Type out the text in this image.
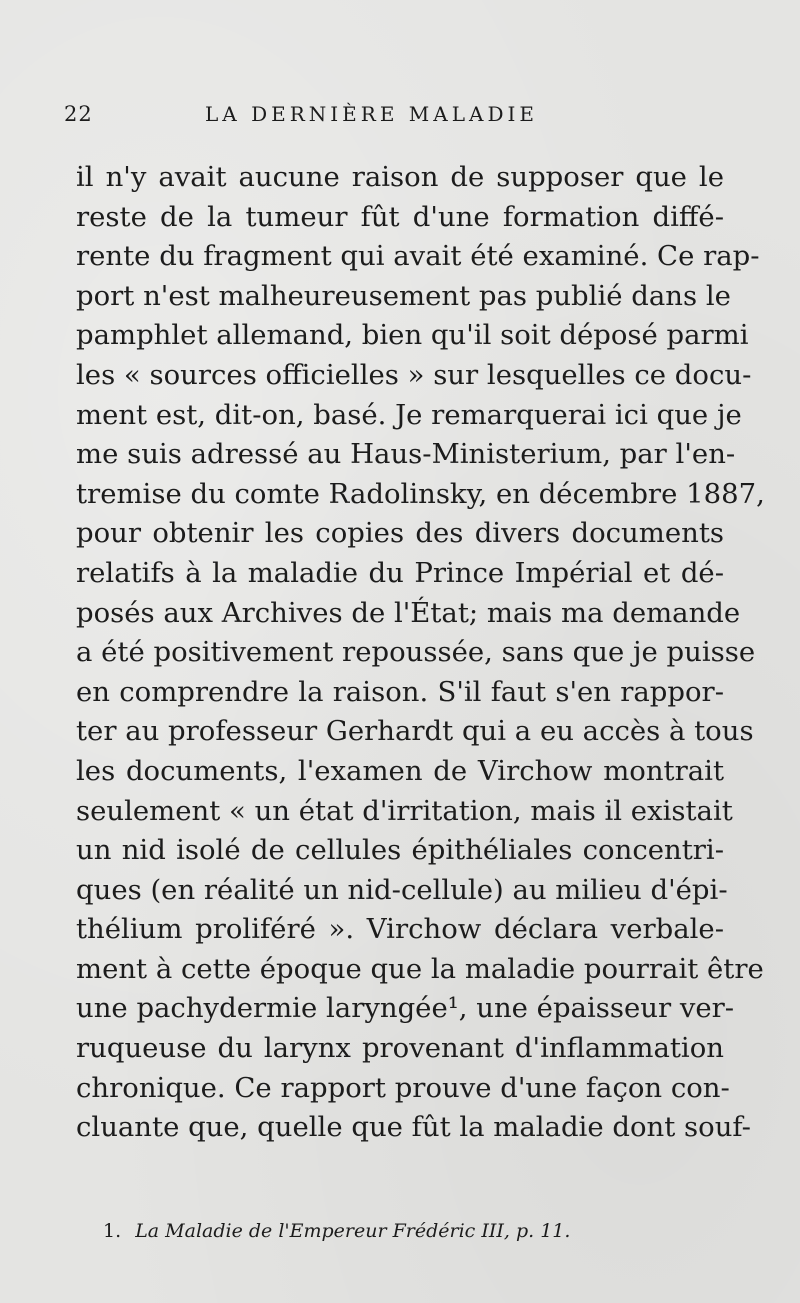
22	LA DERNIÈRE MALADIE
il n'y avait aucune raison de supposer que le
reste de la tumeur fût d'une formation diffé-
rente du fragment qui avait été examiné. Ce rap-
port n'est malheureusement pas publié dans le
pamphlet allemand, bien qu'il soit déposé parmi
les « sources officielles » sur lesquelles ce docu-
ment est, dit-on, basé. Je remarquerai ici que je
me suis adressé au Haus-Ministerium, par l'en-
tremise du comte Radolinsky, en décembre 1887,
pour obtenir les copies des divers documents
relatifs à la maladie du Prince Impérial et dé-
posés aux Archives de l'État; mais ma demande
a été positivement repoussée, sans que je puisse
en comprendre la raison. S'il faut s'en rappor-
ter au professeur Gerhardt qui a eu accès à tous
les documents, l'examen de Virchow montrait
seulement « un état d'irritation, mais il existait
un nid isolé de cellules épithéliales concentri-
ques (en réalité un nid-cellule) au milieu d'épi-
thélium proliféré ». Virchow déclara verbale-
ment à cette époque que la maladie pourrait être
une pachydermie laryngée¹, une épaisseur ver-
ruqueuse du larynx provenant d'inflammation
chronique. Ce rapport prouve d'une façon con-
cluante que, quelle que fût la maladie dont souf-
1. La Maladie de l'Empereur Frédéric III, p. 11.
